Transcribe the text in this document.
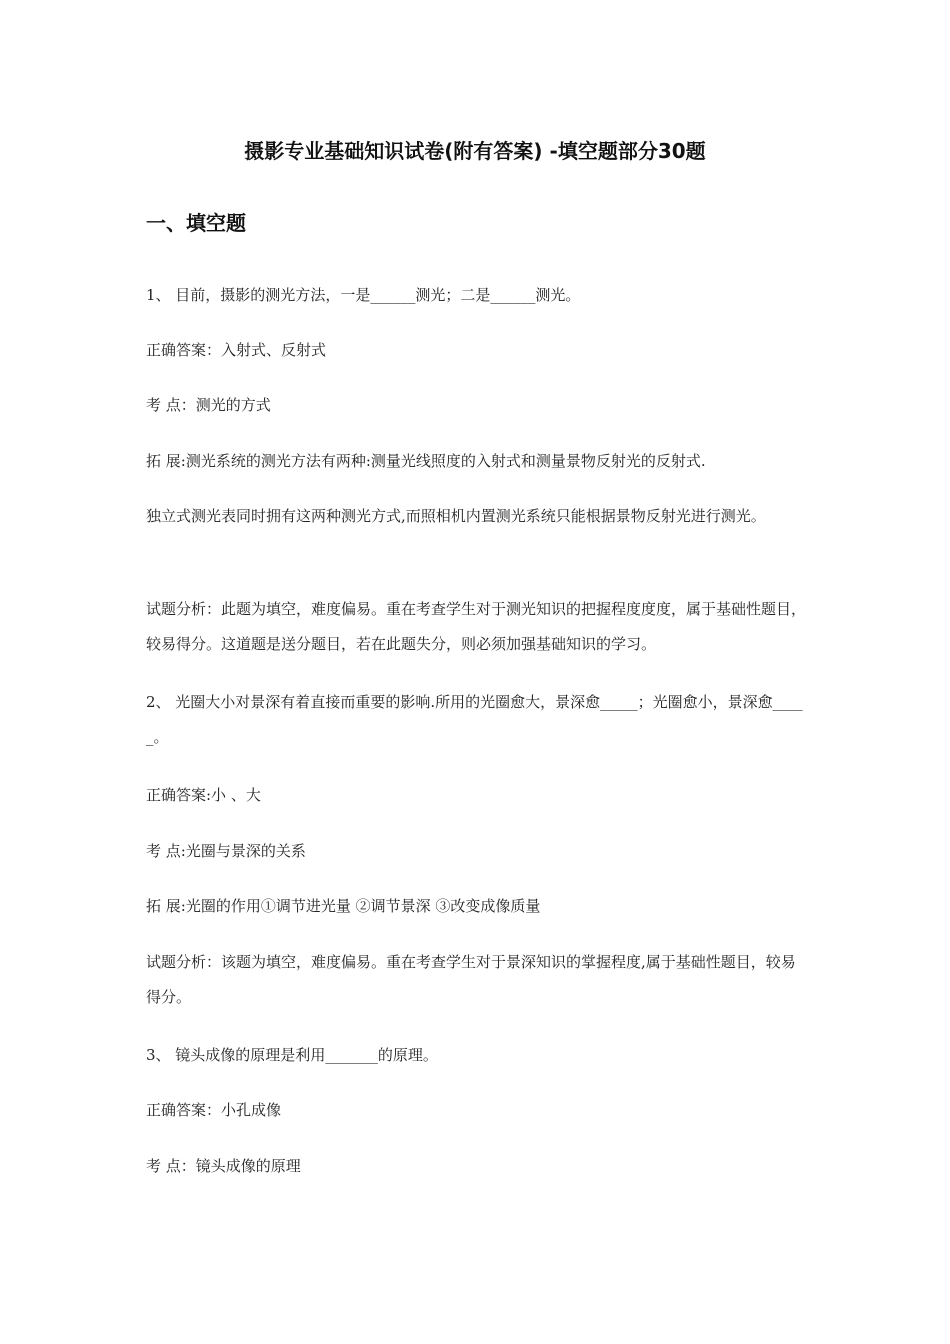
摄影专业基础知识试卷(附有答案) -填空题部分30题
一、填空题
1、 目前，摄影的测光方法，一是______测光；二是______测光。
正确答案：入射式、反射式
考 点：测光的方式
拓 展:测光系统的测光方法有两种:测量光线照度的入射式和测量景物反射光的反射式.
独立式测光表同时拥有这两种测光方式,而照相机内置测光系统只能根据景物反射光进行测光。
试题分析：此题为填空，难度偏易。重在考查学生对于测光知识的把握程度度度，属于基础性题目，较易得分。这道题是送分题目，若在此题失分，则必须加强基础知识的学习。
2、 光圈大小对景深有着直接而重要的影响.所用的光圈愈大，景深愈_____；光圈愈小，景深愈_____。
正确答案:小 、大
考 点:光圈与景深的关系
拓 展:光圈的作用①调节进光量 ②调节景深 ③改变成像质量
试题分析：该题为填空，难度偏易。重在考查学生对于景深知识的掌握程度,属于基础性题目，较易得分。
3、 镜头成像的原理是利用_______的原理。
正确答案：小孔成像
考 点：镜头成像的原理
